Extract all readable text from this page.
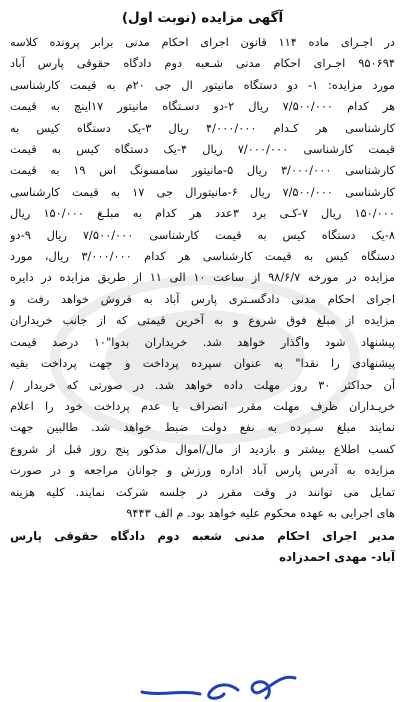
آگهی مزایده (نوبت اول)
در اجـرای ماده ۱۱۴ قانون اجرای احکام مدنی برابر پرونده کلاسه
۹۵۰۶۹۴ اجـرای احکام مدنی شـعبه دوم دادگاه حقوقی پارس آباد
مورد مزایده: ۱- دو دستگاه مانیتور ال جی ۲۰م به قیمت کارشناسی
هر کدام ۷/۵۰۰/۰۰۰ ریال ۲-دو دسـتگاه مانیتور ۱۷اینچ به قیمت
کارشناسی هر کـدام ۴/۰۰۰/۰۰۰ ریال ۳-یک دستگاه کیس به
قیمت کارشناسی ۷/۰۰۰/۰۰۰ ریال ۴-یک دستگاه کیس به قیمت
کارشناسی ۳/۰۰۰/۰۰۰ ریال ۵-مانیتور سامسونگ اس ۱۹ به قیمت
کارشناسی ۷/۵۰۰/۰۰۰ ریال ۶-مانیتورال جی ۱۷ به قیمت کارشناسی
۱۵۰/۰۰۰ ریال ۷-کـی برد ۳عدد هر کدام به مبلـغ ۱۵۰/۰۰۰ ریال
۸-یک دستگاه کیس به قیمت کارشناسی ۷/۵۰۰/۰۰۰ ریال ۹-دو
دستگاه کیس به قیمت کارشناسی هر کدام ۳/۰۰۰/۰۰۰ ریال، مورد
مزایده در مورخه ۹۸/۶/۷ از ساعت ۱۰ الی ۱۱ از طریق مزایده در دایره
اجرای احکام مدنی دادگسـتری پارس آباد به فروش خواهد رفت و
مزایده از مبلغ فوق شروع و به آخرین قیمتی که از جانب خریداران
پیشنهاد شود واگذار خواهد شد. خریداران بدوا"۱۰ درصد قیمت
پیشنهادی را نقدا" به عنوان سپرده پرداخت و جهت پرداخت بقیه
آن حداکثر ۳۰ روز مهلت داده خواهد شد. در صورتی که خریدار /
خریـداران ظرف مهلت مقرر انصراف یا عدم پرداخت خود را اعلام
نمایند مبلغ سـپرده به نفع دولت ضبط خواهد شد. طالبین جهت
کسب اطلاع بیشتر و بازدید از مال/اموال مذکور پنج روز قبل از شروع
مزایده به آدرس پارس آباد اداره ورزش و جوانان مراجعه و در صورت
تمایل می توانند در وقت مقرر در جلسه شرکت نمایند. کلیه هزینه
های اجرایی به عهده محکوم علیه خواهد بود. م الف ۹۴۴۳
مدیر اجرای احکام مدنی شعبه دوم دادگاه حقوقی پارس
آباد- مهدی احمدزاده
